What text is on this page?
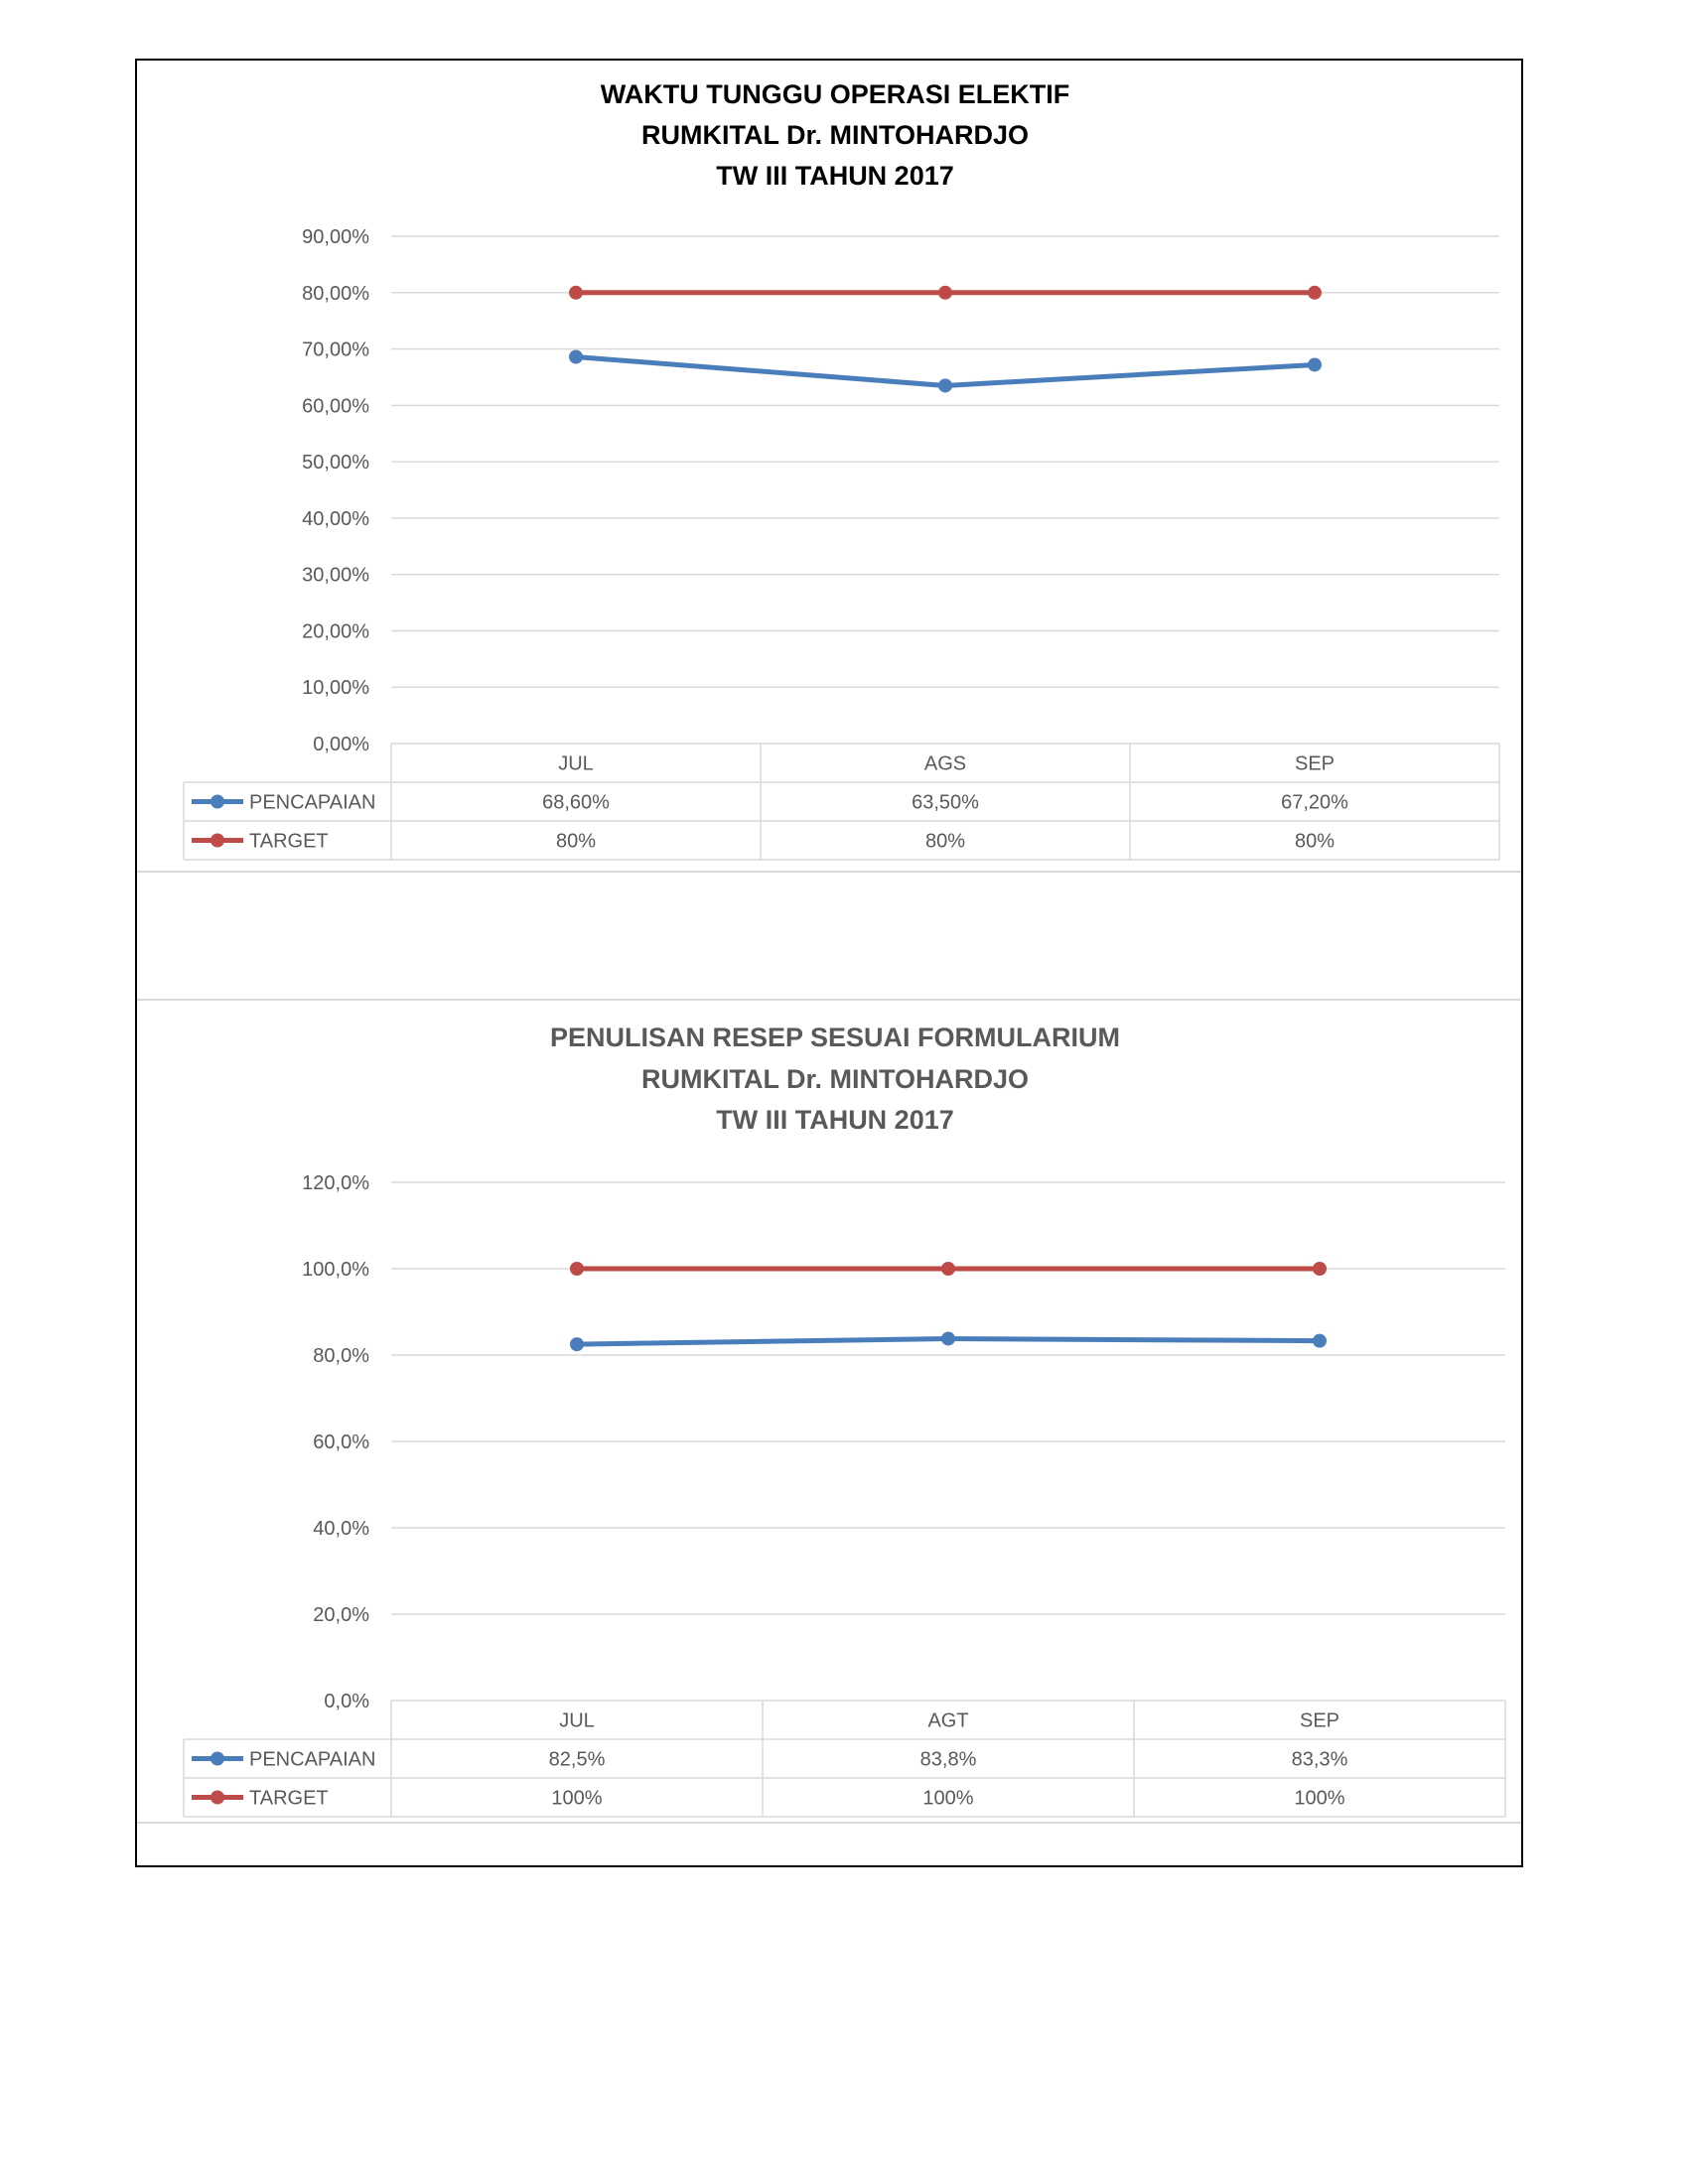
WAKTU TUNGGU OPERASI ELEKTIF
RUMKITAL Dr. MINTOHARDJO
TW III TAHUN 2017
0,00%
10,00%
20,00%
30,00%
40,00%
50,00%
60,00%
70,00%
80,00%
90,00%
JUL	AGS	SEP
PENCAPAIAN	68,60%	63,50%	67,20%
TARGET	80%	80%	80%
PENULISAN RESEP SESUAI FORMULARIUM
RUMKITAL Dr. MINTOHARDJO
TW III TAHUN 2017
0,0%
20,0%
40,0%
60,0%
80,0%
100,0%
120,0%
JUL	AGT	SEP
PENCAPAIAN	82,5%	83,8%	83,3%
TARGET	100%	100%	100%
